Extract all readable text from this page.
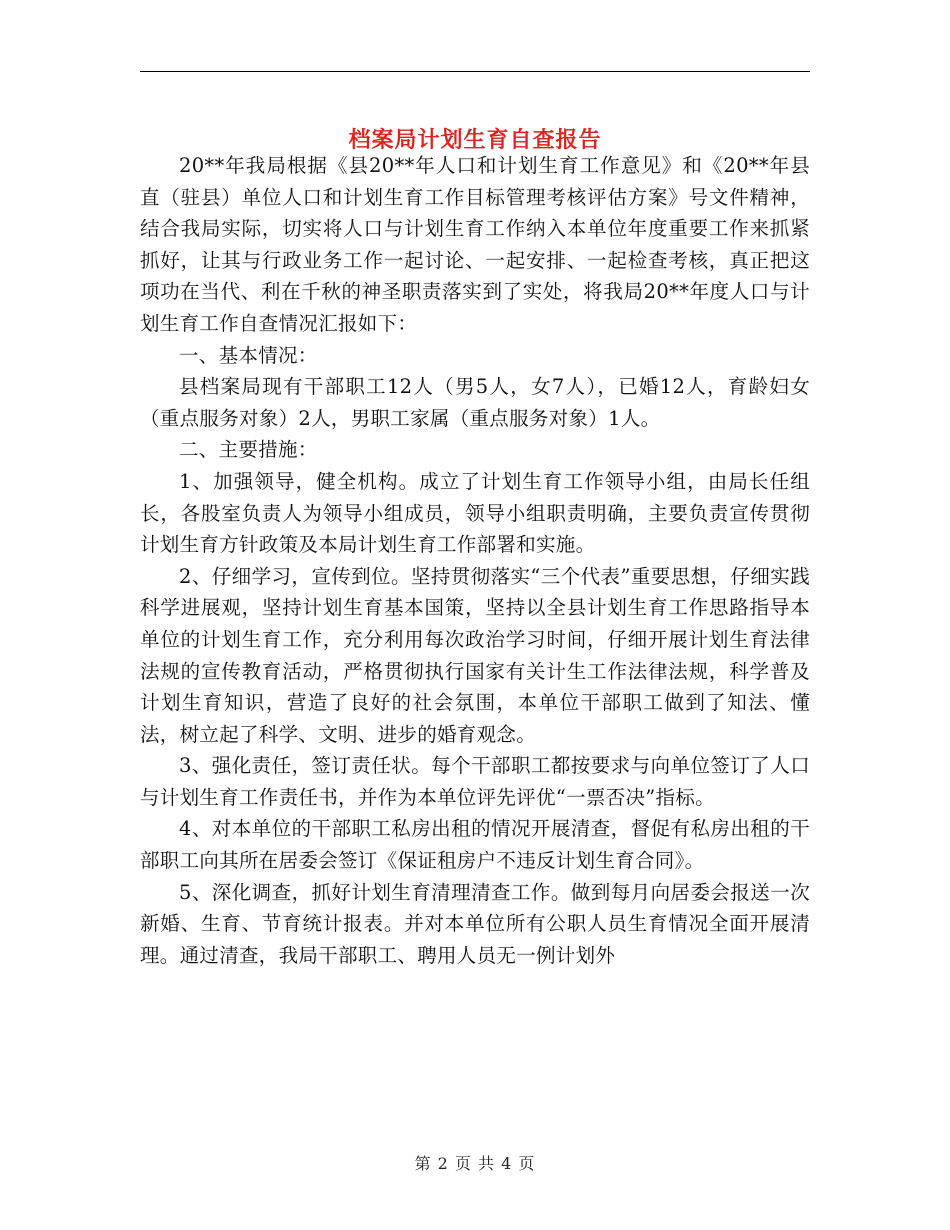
档案局计划生育自查报告

20**年我局根据《县20**年人口和计划生育工作意见》和《20**年县直（驻县）单位人口和计划生育工作目标管理考核评估方案》号文件精神，结合我局实际，切实将人口与计划生育工作纳入本单位年度重要工作来抓紧抓好，让其与行政业务工作一起讨论、一起安排、一起检查考核，真正把这项功在当代、利在千秋的神圣职责落实到了实处，将我局20**年度人口与计划生育工作自查情况汇报如下：

一、基本情况：

县档案局现有干部职工12人（男5人，女7人），已婚12人，育龄妇女（重点服务对象）2人，男职工家属（重点服务对象）1人。

二、主要措施：

1、加强领导，健全机构。成立了计划生育工作领导小组，由局长任组长，各股室负责人为领导小组成员，领导小组职责明确，主要负责宣传贯彻计划生育方针政策及本局计划生育工作部署和实施。

2、仔细学习，宣传到位。坚持贯彻落实“三个代表”重要思想，仔细实践科学进展观，坚持计划生育基本国策，坚持以全县计划生育工作思路指导本单位的计划生育工作，充分利用每次政治学习时间，仔细开展计划生育法律法规的宣传教育活动，严格贯彻执行国家有关计生工作法律法规，科学普及计划生育知识，营造了良好的社会氛围，本单位干部职工做到了知法、懂法，树立起了科学、文明、进步的婚育观念。

3、强化责任，签订责任状。每个干部职工都按要求与向单位签订了人口与计划生育工作责任书，并作为本单位评先评优“一票否决”指标。

4、对本单位的干部职工私房出租的情况开展清查，督促有私房出租的干部职工向其所在居委会签订《保证租房户不违反计划生育合同》。

5、深化调查，抓好计划生育清理清查工作。做到每月向居委会报送一次新婚、生育、节育统计报表。并对本单位所有公职人员生育情况全面开展清理。通过清查，我局干部职工、聘用人员无一例计划外

第 2 页 共 4 页
